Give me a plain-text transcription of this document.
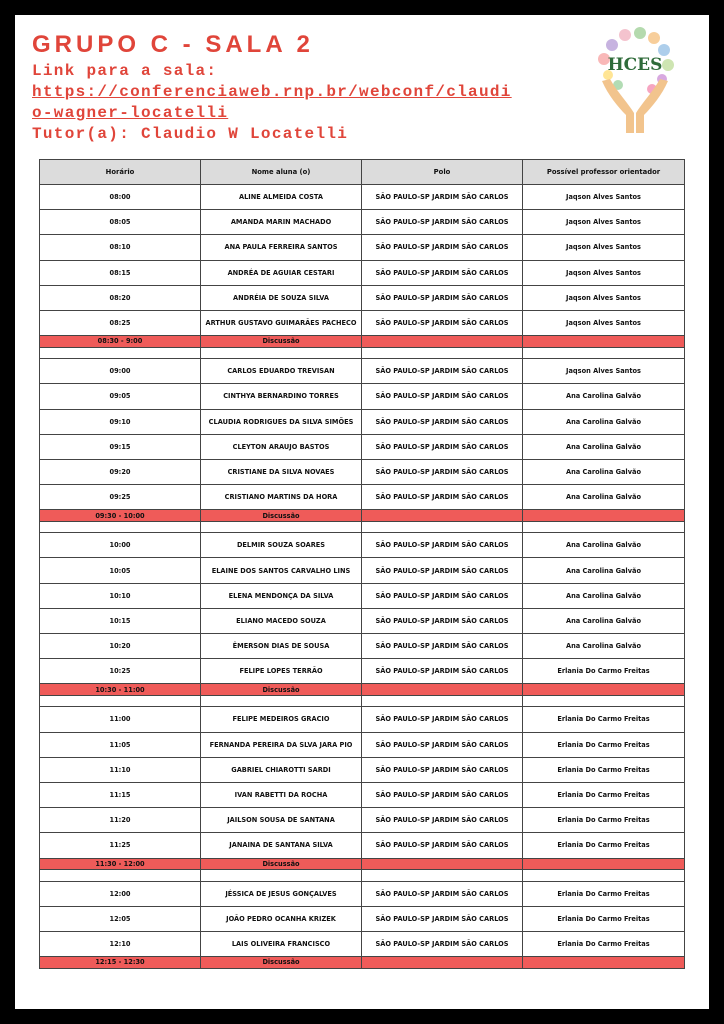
GRUPO C - SALA 2
Link para a sala:
https://conferenciaweb.rnp.br/webconf/claudio-wagner-locatelli
Tutor(a): Claudio W Locatelli
HCES
Horário	Nome aluna (o)	Polo	Possível professor orientador
08:00	ALINE ALMEIDA COSTA	SÃO PAULO-SP JARDIM SÃO CARLOS	Jaqson Alves Santos
08:05	AMANDA MARIN MACHADO	SÃO PAULO-SP JARDIM SÃO CARLOS	Jaqson Alves Santos
08:10	ANA PAULA FERREIRA SANTOS	SÃO PAULO-SP JARDIM SÃO CARLOS	Jaqson Alves Santos
08:15	ANDRÉA DE AGUIAR CESTARI	SÃO PAULO-SP JARDIM SÃO CARLOS	Jaqson Alves Santos
08:20	ANDRÉIA DE SOUZA SILVA	SÃO PAULO-SP JARDIM SÃO CARLOS	Jaqson Alves Santos
08:25	ARTHUR GUSTAVO GUIMARÃES PACHECO	SÃO PAULO-SP JARDIM SÃO CARLOS	Jaqson Alves Santos
08:30 - 9:00	Discussão		

09:00	CARLOS EDUARDO TREVISAN	SÃO PAULO-SP JARDIM SÃO CARLOS	Jaqson Alves Santos
09:05	CINTHYA BERNARDINO TORRES	SÃO PAULO-SP JARDIM SÃO CARLOS	Ana Carolina Galvão
09:10	CLAUDIA RODRIGUES DA SILVA SIMÕES	SÃO PAULO-SP JARDIM SÃO CARLOS	Ana Carolina Galvão
09:15	CLEYTON ARAUJO BASTOS	SÃO PAULO-SP JARDIM SÃO CARLOS	Ana Carolina Galvão
09:20	CRISTIANE DA SILVA NOVAES	SÃO PAULO-SP JARDIM SÃO CARLOS	Ana Carolina Galvão
09:25	CRISTIANO MARTINS DA HORA	SÃO PAULO-SP JARDIM SÃO CARLOS	Ana Carolina Galvão
09:30 - 10:00	Discussão		

10:00	DELMIR SOUZA SOARES	SÃO PAULO-SP JARDIM SÃO CARLOS	Ana Carolina Galvão
10:05	ELAINE DOS SANTOS CARVALHO LINS	SÃO PAULO-SP JARDIM SÃO CARLOS	Ana Carolina Galvão
10:10	ELENA MENDONÇA DA SILVA	SÃO PAULO-SP JARDIM SÃO CARLOS	Ana Carolina Galvão
10:15	ELIANO MACEDO SOUZA	SÃO PAULO-SP JARDIM SÃO CARLOS	Ana Carolina Galvão
10:20	ÊMERSON DIAS DE SOUSA	SÃO PAULO-SP JARDIM SÃO CARLOS	Ana Carolina Galvão
10:25	FELIPE LOPES TERRÃO	SÃO PAULO-SP JARDIM SÃO CARLOS	Erlania Do Carmo Freitas
10:30 - 11:00	Discussão		

11:00	FELIPE MEDEIROS GRACIO	SÃO PAULO-SP JARDIM SÃO CARLOS	Erlania Do Carmo Freitas
11:05	FERNANDA PEREIRA DA SLVA JARA PIO	SÃO PAULO-SP JARDIM SÃO CARLOS	Erlania Do Carmo Freitas
11:10	GABRIEL CHIAROTTI SARDI	SÃO PAULO-SP JARDIM SÃO CARLOS	Erlania Do Carmo Freitas
11:15	IVAN RABETTI DA ROCHA	SÃO PAULO-SP JARDIM SÃO CARLOS	Erlania Do Carmo Freitas
11:20	JAILSON SOUSA DE SANTANA	SÃO PAULO-SP JARDIM SÃO CARLOS	Erlania Do Carmo Freitas
11:25	JANAINA DE SANTANA SILVA	SÃO PAULO-SP JARDIM SÃO CARLOS	Erlania Do Carmo Freitas
11:30 - 12:00	Discussão		

12:00	JÉSSICA DE JESUS GONÇALVES	SÃO PAULO-SP JARDIM SÃO CARLOS	Erlania Do Carmo Freitas
12:05	JOÃO PEDRO OCANHA KRIZEK	SÃO PAULO-SP JARDIM SÃO CARLOS	Erlania Do Carmo Freitas
12:10	LAIS OLIVEIRA FRANCISCO	SÃO PAULO-SP JARDIM SÃO CARLOS	Erlania Do Carmo Freitas
12:15 - 12:30	Discussão		
